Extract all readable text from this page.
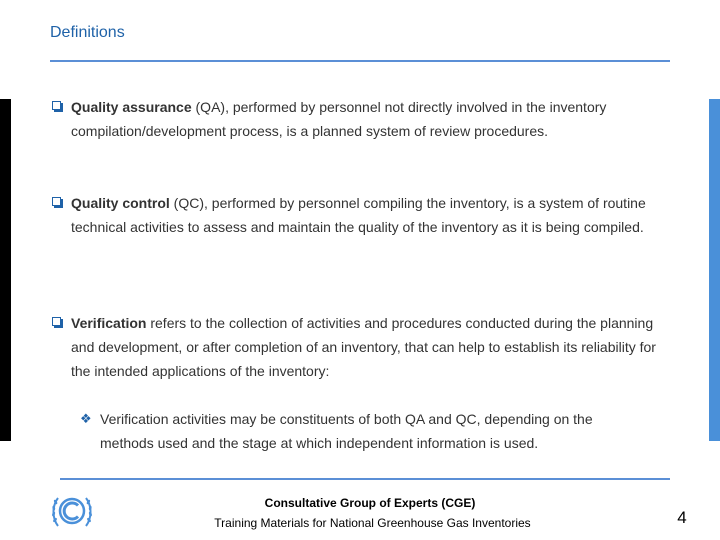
Definitions
Quality assurance (QA), performed by personnel not directly involved in the inventory compilation/development process, is a planned system of review procedures.
Quality control (QC), performed by personnel compiling the inventory, is a system of routine technical activities to assess and maintain the quality of the inventory as it is being compiled.
Verification refers to the collection of activities and procedures conducted during the planning and development, or after completion of an inventory, that can help to establish its reliability for the intended applications of the inventory:
❖ Verification activities may be constituents of both QA and QC, depending on the methods used and the stage at which independent information is used.
Consultative Group of Experts (CGE)
Training Materials for National Greenhouse Gas Inventories	4
